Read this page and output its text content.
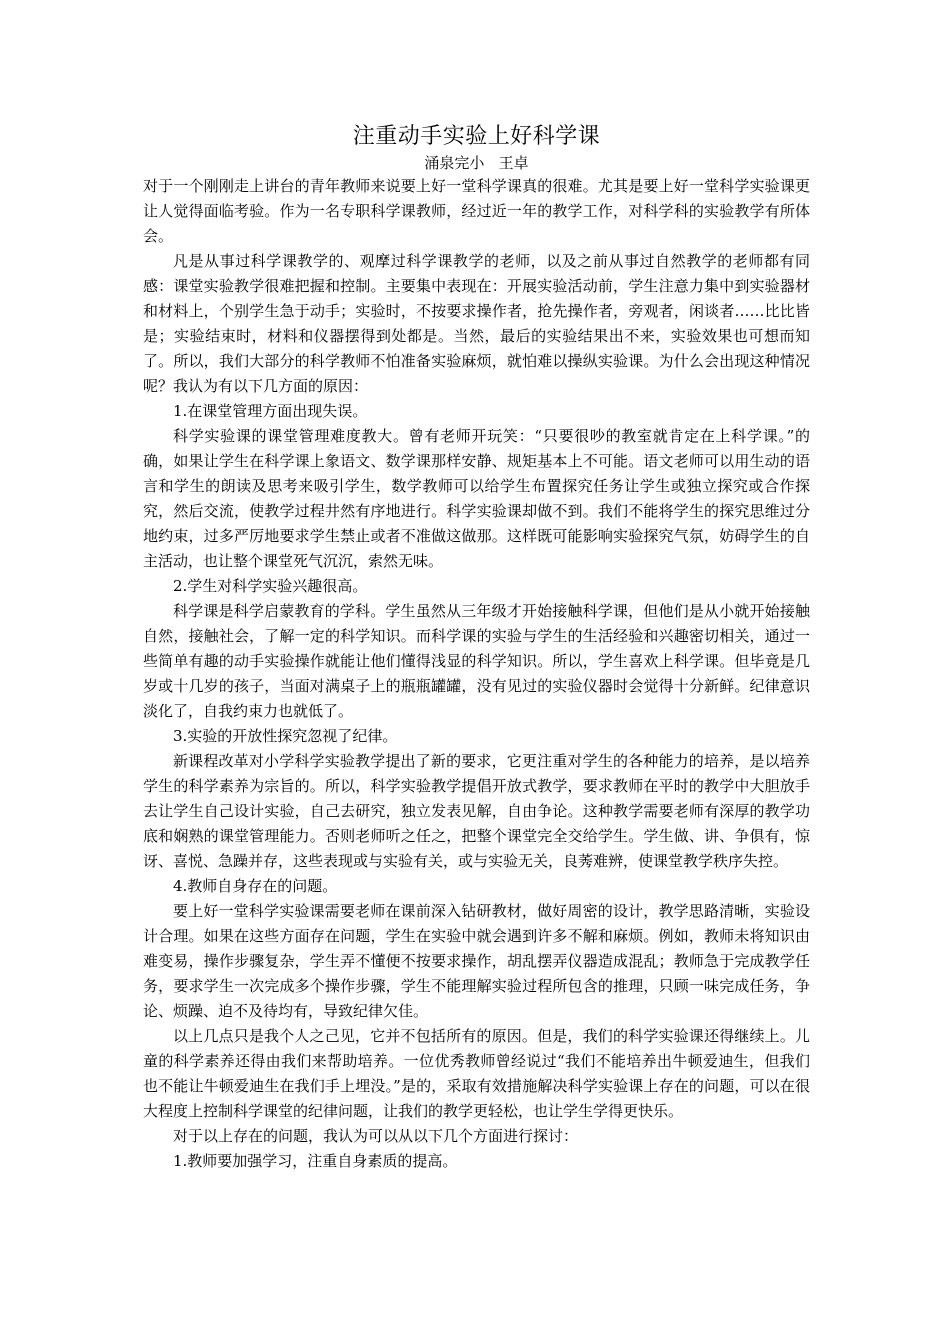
注重动手实验上好科学课

涌泉完小   王卓

对于一个刚刚走上讲台的青年教师来说要上好一堂科学课真的很难。尤其是要上好一堂科学实验课更让人觉得面临考验。作为一名专职科学课教师，经过近一年的教学工作，对科学科的实验教学有所体会。

凡是从事过科学课教学的、观摩过科学课教学的老师，以及之前从事过自然教学的老师都有同感：课堂实验教学很难把握和控制。主要集中表现在：开展实验活动前，学生注意力集中到实验器材和材料上，个别学生急于动手；实验时，不按要求操作者，抢先操作者，旁观者，闲谈者……比比皆是；实验结束时，材料和仪器摆得到处都是。当然，最后的实验结果出不来，实验效果也可想而知了。所以，我们大部分的科学教师不怕准备实验麻烦，就怕难以操纵实验课。为什么会出现这种情况呢？我认为有以下几方面的原因：

1.在课堂管理方面出现失误。

科学实验课的课堂管理难度教大。曾有老师开玩笑：“只要很吵的教室就肯定在上科学课。”的确，如果让学生在科学课上象语文、数学课那样安静、规矩基本上不可能。语文老师可以用生动的语言和学生的朗读及思考来吸引学生，数学教师可以给学生布置探究任务让学生或独立探究或合作探究，然后交流，使教学过程井然有序地进行。科学实验课却做不到。我们不能将学生的探究思维过分地约束，过多严厉地要求学生禁止或者不准做这做那。这样既可能影响实验探究气氛，妨碍学生的自主活动，也让整个课堂死气沉沉，索然无味。

2.学生对科学实验兴趣很高。

科学课是科学启蒙教育的学科。学生虽然从三年级才开始接触科学课，但他们是从小就开始接触自然，接触社会，了解一定的科学知识。而科学课的实验与学生的生活经验和兴趣密切相关，通过一些简单有趣的动手实验操作就能让他们懂得浅显的科学知识。所以，学生喜欢上科学课。但毕竟是几岁或十几岁的孩子，当面对满桌子上的瓶瓶罐罐，没有见过的实验仪器时会觉得十分新鲜。纪律意识淡化了，自我约束力也就低了。

3.实验的开放性探究忽视了纪律。

新课程改革对小学科学实验教学提出了新的要求，它更注重对学生的各种能力的培养，是以培养学生的科学素养为宗旨的。所以，科学实验教学提倡开放式教学，要求教师在平时的教学中大胆放手去让学生自己设计实验，自己去研究，独立发表见解，自由争论。这种教学需要老师有深厚的教学功底和娴熟的课堂管理能力。否则老师听之任之，把整个课堂完全交给学生。学生做、讲、争俱有，惊讶、喜悦、急躁并存，这些表现或与实验有关，或与实验无关，良莠难辨，使课堂教学秩序失控。

4.教师自身存在的问题。

要上好一堂科学实验课需要老师在课前深入钻研教材，做好周密的设计，教学思路清晰，实验设计合理。如果在这些方面存在问题，学生在实验中就会遇到许多不解和麻烦。例如，教师未将知识由难变易，操作步骤复杂，学生弄不懂便不按要求操作，胡乱摆弄仪器造成混乱；教师急于完成教学任务，要求学生一次完成多个操作步骤，学生不能理解实验过程所包含的推理，只顾一味完成任务，争论、烦躁、迫不及待均有，导致纪律欠佳。

以上几点只是我个人之己见，它并不包括所有的原因。但是，我们的科学实验课还得继续上。儿童的科学素养还得由我们来帮助培养。一位优秀教师曾经说过“我们不能培养出牛顿爱迪生，但我们也不能让牛顿爱迪生在我们手上埋没。”是的，采取有效措施解决科学实验课上存在的问题，可以在很大程度上控制科学课堂的纪律问题，让我们的教学更轻松，也让学生学得更快乐。

对于以上存在的问题，我认为可以从以下几个方面进行探讨：

1.教师要加强学习，注重自身素质的提高。
